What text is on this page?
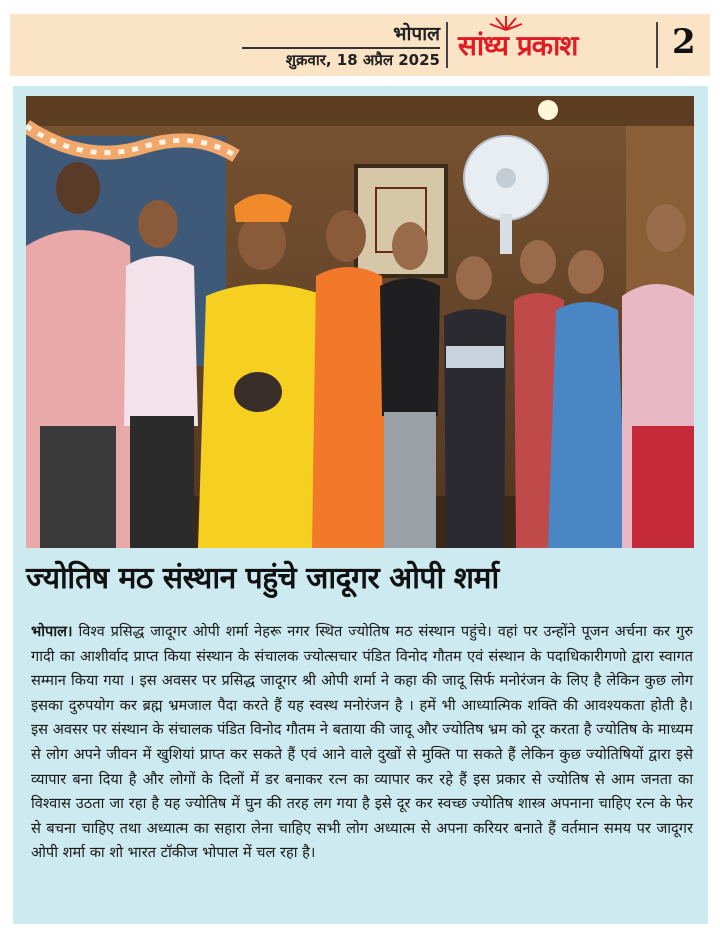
भोपाल
शुक्रवार, 18 अप्रैल 2025 सांध्य प्रकाश	2
ज्योतिष मठ संस्थान पहुंचे जादूगर ओपी शर्मा
भोपाल। विश्व प्रसिद्ध जादूगर ओपी शर्मा नेहरू नगर स्थित ज्योतिष मठ संस्थान पहुंचे। वहां पर उन्होंने पूजन अर्चना कर गुरु गादी का आशीर्वाद प्राप्त किया संस्थान के संचालक ज्योत्सचार पंडित विनोद गौतम एवं संस्थान के पदाधिकारीगणो द्वारा स्वागत सम्मान किया गया । इस अवसर पर प्रसिद्ध जादूगर श्री ओपी शर्मा ने कहा की जादू सिर्फ मनोरंजन के लिए है लेकिन कुछ लोग इसका दुरुपयोग कर ब्रह्म भ्रमजाल पैदा करते हैं यह स्वस्थ मनोरंजन है । हमें भी आध्यात्मिक शक्ति की आवश्यकता होती है। इस अवसर पर संस्थान के संचालक पंडित विनोद गौतम ने बताया की जादू और ज्योतिष भ्रम को दूर करता है ज्योतिष के माध्यम से लोग अपने जीवन में खुशियां प्राप्त कर सकते हैं एवं आने वाले दुखों से मुक्ति पा सकते हैं लेकिन कुछ ज्योतिषियों द्वारा इसे व्यापार बना दिया है और लोगों के दिलों में डर बनाकर रत्न का व्यापार कर रहे हैं इस प्रकार से ज्योतिष से आम जनता का विश्वास उठता जा रहा है यह ज्योतिष में घुन की तरह लग गया है इसे दूर कर स्वच्छ ज्योतिष शास्त्र अपनाना चाहिए रत्न के फेर से बचना चाहिए तथा अध्यात्म का सहारा लेना चाहिए सभी लोग अध्यात्म से अपना करियर बनाते हैं वर्तमान समय पर जादूगर ओपी शर्मा का शो भारत टॉकीज भोपाल में चल रहा है।
